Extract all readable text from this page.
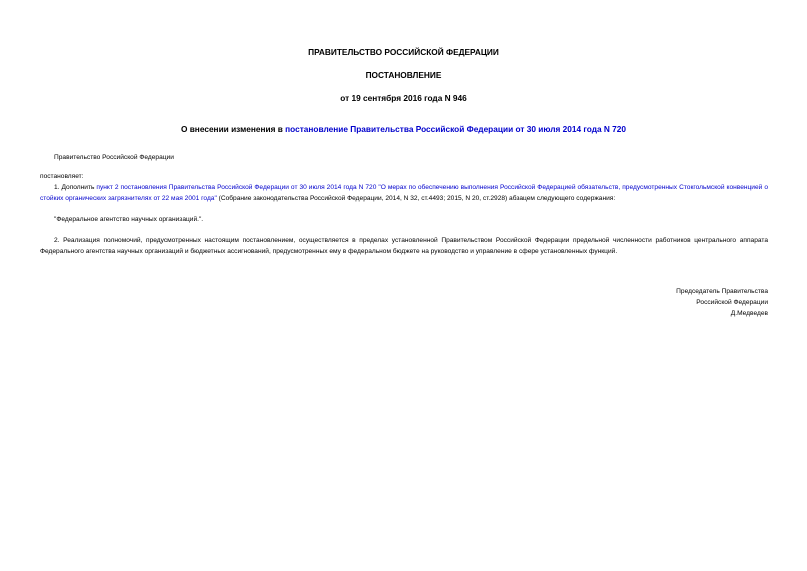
ПРАВИТЕЛЬСТВО РОССИЙСКОЙ ФЕДЕРАЦИИ
ПОСТАНОВЛЕНИЕ
от 19 сентября 2016 года N 946
О внесении изменения в постановление Правительства Российской Федерации от 30 июля 2014 года N 720
Правительство Российской Федерации
постановляет:
1. Дополнить пункт 2 постановления Правительства Российской Федерации от 30 июля 2014 года N 720 "О мерах по обеспечению выполнения Российской Федерацией обязательств, предусмотренных Стокгольмской конвенцией о стойких органических загрязнителях от 22 мая 2001 года" (Собрание законодательства Российской Федерации, 2014, N 32, ст.4493; 2015, N 20, ст.2928) абзацем следующего содержания:
"Федеральное агентство научных организаций.".
2. Реализация полномочий, предусмотренных настоящим постановлением, осуществляется в пределах установленной Правительством Российской Федерации предельной численности работников центрального аппарата Федерального агентства научных организаций и бюджетных ассигнований, предусмотренных ему в федеральном бюджете на руководство и управление в сфере установленных функций.
Председатель Правительства
Российской Федерации
Д.Медведев
